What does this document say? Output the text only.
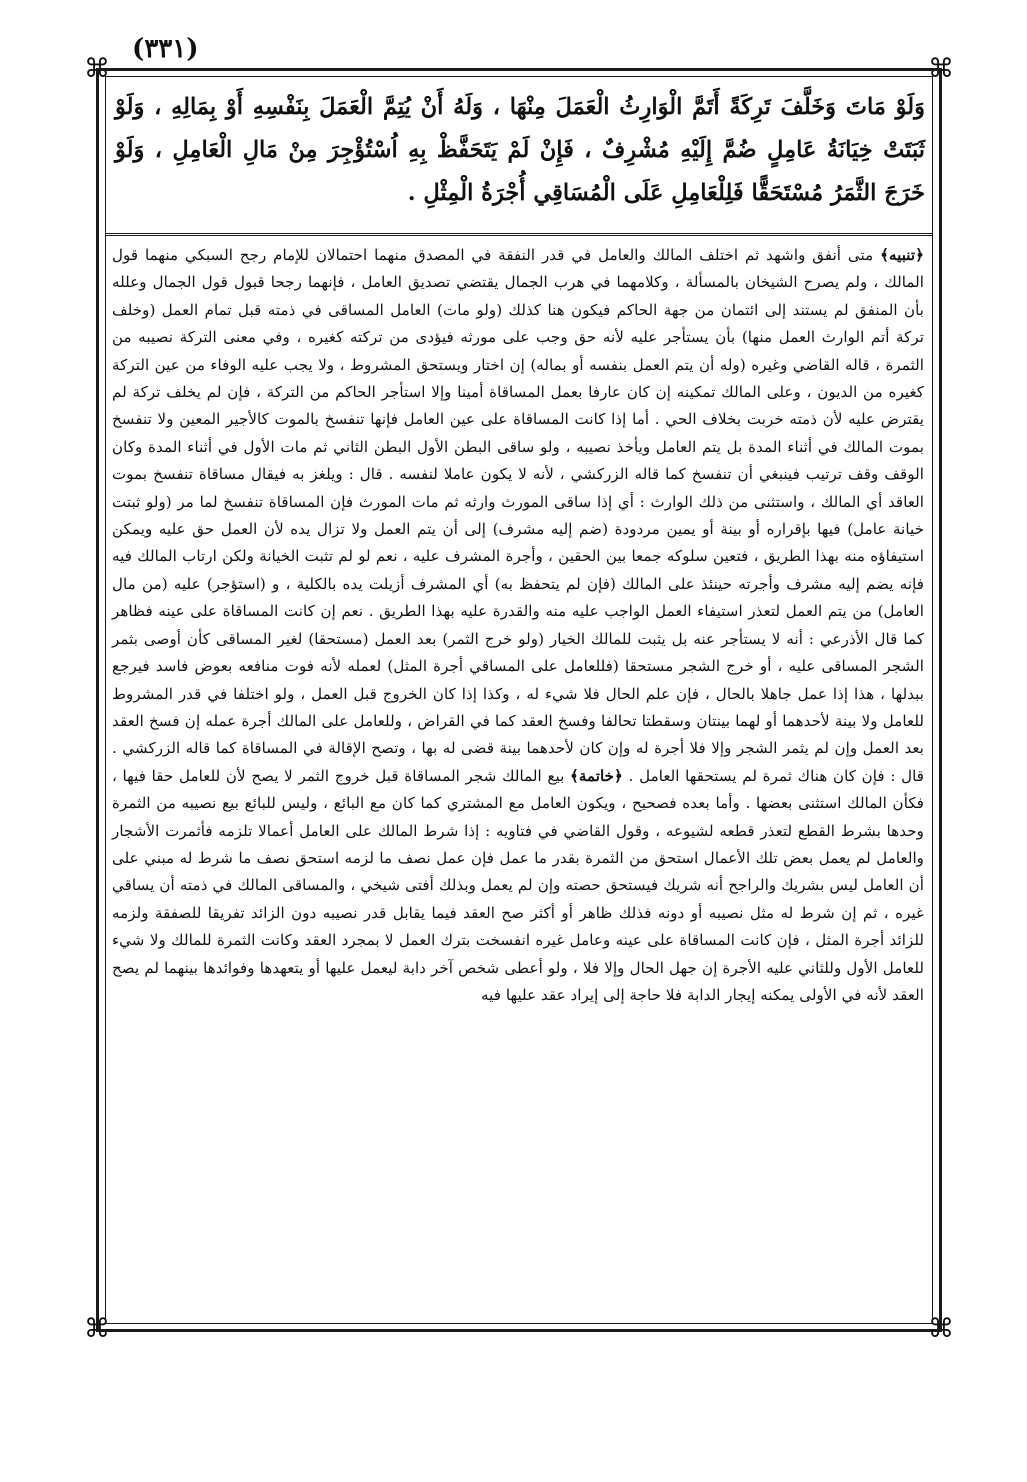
(٣٣١)
⌘	⌘
⌘	⌘
وَلَوْ مَاتَ وَخَلَّفَ تَرِكَةً أَتَمَّ الْوَارِثُ الْعَمَلَ مِنْهَا ، وَلَهُ أَنْ يُتِمَّ الْعَمَلَ بِنَفْسِهِ أَوْ بِمَالِهِ ، وَلَوْ ثَبَتَتْ خِيَانَةُ عَامِلٍ ضُمَّ إِلَيْهِ مُشْرِفٌ ، فَإِنْ لَمْ يَتَحَفَّظْ بِهِ اُسْتُؤْجِرَ مِنْ مَالِ الْعَامِلِ ، وَلَوْ خَرَجَ الثَّمَرُ مُسْتَحَقًّا فَلِلْعَامِلِ عَلَى الْمُسَاقِي أُجْرَةُ الْمِثْلِ .

﴿تنبيه﴾ متى أنفق واشهد ثم اختلف المالك والعامل في قدر النفقة في المصدق منهما احتمالان للإمام رجح السبكي منهما قول المالك ، ولم يصرح الشيخان بالمسألة ، وكلامهما في هرب الجمال يقتضي تصديق العامل ، فإنهما رجحا قبول قول الجمال وعلله بأن المنفق لم يستند إلى ائتمان من جهة الحاكم فيكون هنا كذلك (ولو مات) العامل المساقى في ذمته قبل تمام العمل (وخلف تركة أتم الوارث العمل منها) بأن يستأجر عليه لأنه حق وجب على مورثه فيؤدى من تركته كغيره ، وفي معنى التركة نصيبه من الثمرة ، قاله القاضي وغيره (وله أن يتم العمل بنفسه أو بماله) إن اختار ويستحق المشروط ، ولا يجب عليه الوفاء من عين التركة كغيره من الديون ، وعلى المالك تمكينه إن كان عارفا بعمل المساقاة أمينا وإلا استأجر الحاكم من التركة ، فإن لم يخلف تركة لم يقترض عليه لأن ذمته خربت بخلاف الحي . أما إذا كانت المساقاة على عين العامل فإنها تنفسخ بالموت كالأجير المعين ولا تنفسخ بموت المالك في أثناء المدة بل يتم العامل ويأخذ نصيبه ، ولو ساقى البطن الأول البطن الثاني ثم مات الأول في أثناء المدة وكان الوقف وقف ترتيب فينبغي أن تنفسخ كما قاله الزركشي ، لأنه لا يكون عاملا لنفسه . قال : ويلغز به فيقال مساقاة تنفسخ بموت العاقد أي المالك ، واستثنى من ذلك الوارث : أي إذا ساقى المورث وارثه ثم مات المورث فإن المساقاة تنفسخ لما مر (ولو ثبتت خيانة عامل) فيها بإقراره أو بينة أو يمين مردودة (ضم إليه مشرف) إلى أن يتم العمل ولا تزال يده لأن العمل حق عليه ويمكن استيفاؤه منه بهذا الطريق ، فتعين سلوكه جمعا بين الحقين ، وأجرة المشرف عليه ، نعم لو لم تثبت الخيانة ولكن ارتاب المالك فيه فإنه يضم إليه مشرف وأجرته حينئذ على المالك (فإن لم يتحفظ به) أي المشرف أزيلت يده بالكلية ، و (استؤجر) عليه (من مال العامل) من يتم العمل لتعذر استيفاء العمل الواجب عليه منه والقدرة عليه بهذا الطريق . نعم إن كانت المساقاة على عينه فظاهر كما قال الأذرعي : أنه لا يستأجر عنه بل يثبت للمالك الخيار (ولو خرج الثمر) بعد العمل (مستحقا) لغير المساقى كأن أوصى بثمر الشجر المساقى عليه ، أو خرج الشجر مستحقا (فللعامل على المساقي أجرة المثل) لعمله لأنه فوت منافعه بعوض فاسد فيرجع ببدلها ، هذا إذا عمل جاهلا بالحال ، فإن علم الحال فلا شيء له ، وكذا إذا كان الخروج قبل العمل ، ولو اختلفا في قدر المشروط للعامل ولا بينة لأحدهما أو لهما بينتان وسقطتا تحالفا وفسخ العقد كما في القراض ، وللعامل على المالك أجرة عمله إن فسخ العقد بعد العمل وإن لم يثمر الشجر وإلا فلا أجرة له وإن كان لأحدهما بينة قضى له بها ، وتصح الإقالة في المساقاة كما قاله الزركشي . قال : فإن كان هناك ثمرة لم يستحقها العامل . ﴿خاتمة﴾ بيع المالك شجر المساقاة قبل خروج الثمر لا يصح لأن للعامل حقا فيها ، فكأن المالك استثنى بعضها . وأما بعده فصحيح ، ويكون العامل مع المشتري كما كان مع البائع ، وليس للبائع بيع نصيبه من الثمرة وحدها بشرط القطع لتعذر قطعه لشيوعه ، وقول القاضي في فتاويه : إذا شرط المالك على العامل أعمالا تلزمه فأثمرت الأشجار والعامل لم يعمل بعض تلك الأعمال استحق من الثمرة بقدر ما عمل فإن عمل نصف ما لزمه استحق نصف ما شرط له مبني على أن العامل ليس بشريك والراجح أنه شريك فيستحق حصته وإن لم يعمل وبذلك أفتى شيخي ، والمساقى المالك في ذمته أن يساقي غيره ، ثم إن شرط له مثل نصيبه أو دونه فذلك ظاهر أو أكثر صح العقد فيما يقابل قدر نصيبه دون الزائد تفريقا للصفقة ولزمه للزائد أجرة المثل ، فإن كانت المساقاة على عينه وعامل غيره انفسخت بترك العمل لا بمجرد العقد وكانت الثمرة للمالك ولا شيء للعامل الأول وللثاني عليه الأجرة إن جهل الحال وإلا فلا ، ولو أعطى شخص آخر دابة ليعمل عليها أو يتعهدها وفوائدها بينهما لم يصح العقد لأنه في الأولى يمكنه إيجار الدابة فلا حاجة إلى إيراد عقد عليها فيه
